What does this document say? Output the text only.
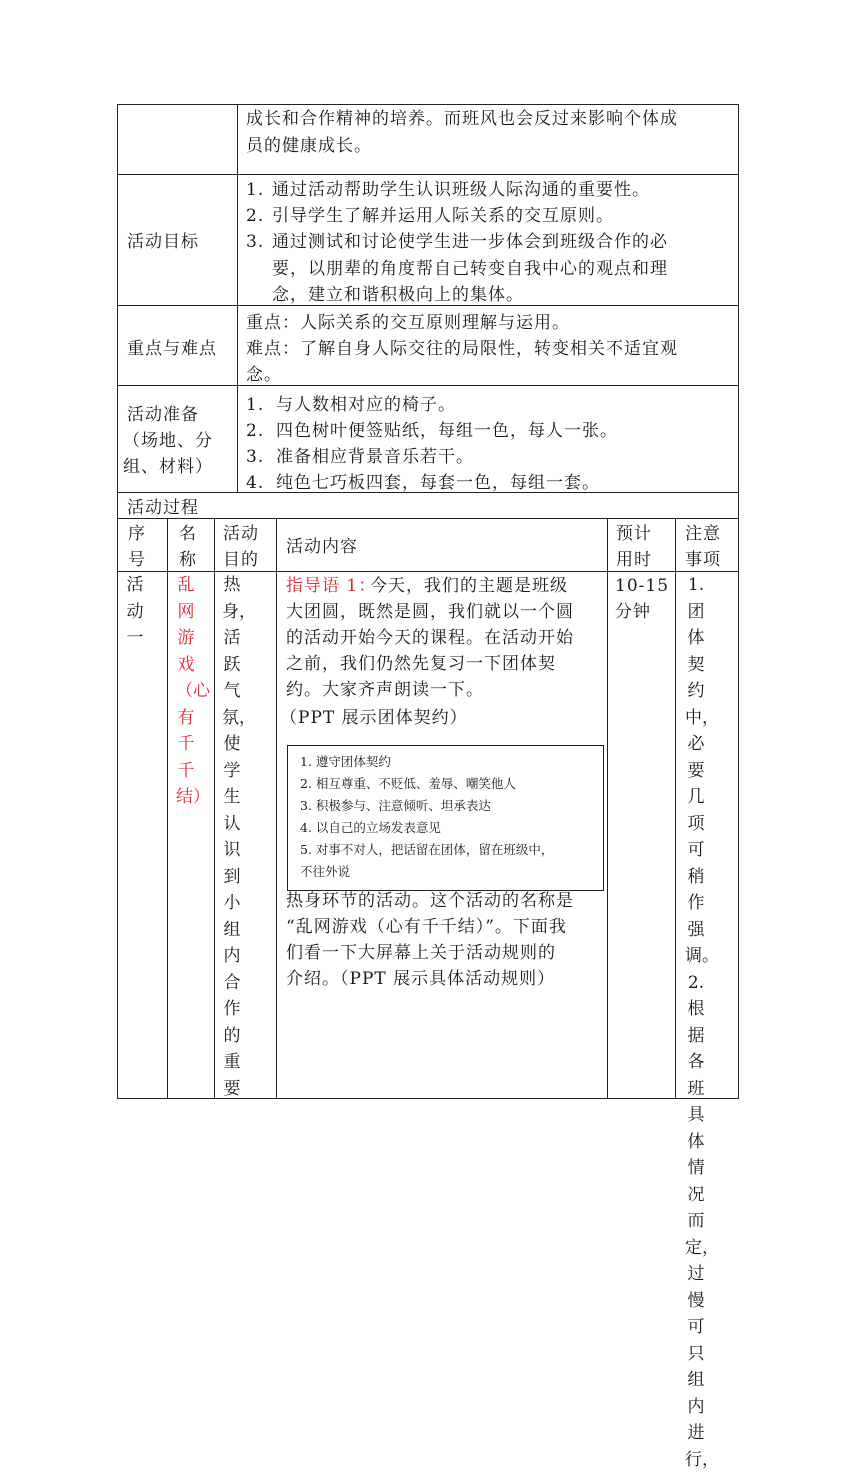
成长和合作精神的培养。而班风也会反过来影响个体成
员的健康成长。
活动目标
1. 通过活动帮助学生认识班级人际沟通的重要性。
2. 引导学生了解并运用人际关系的交互原则。
3. 通过测试和讨论使学生进一步体会到班级合作的必
要，以朋辈的角度帮自己转变自我中心的观点和理
念，建立和谐积极向上的集体。
重点与难点
重点：人际关系的交互原则理解与运用。
难点：了解自身人际交往的局限性，转变相关不适宜观
念。
活动准备
（场地、分
组、材料）
1. 与人数相对应的椅子。
2. 四色树叶便签贴纸，每组一色，每人一张。
3. 准备相应背景音乐若干。
4. 纯色七巧板四套，每套一色，每组一套。
活动过程
序
号
名
称
活动
目的
活动内容
预计
用时
注意
事项
活动一
乱网游戏（心有千千结）
热身，活跃气氛，使学生认识到小组内合作的重要
1.团体契约中，必要几项可稍作强调。2.根据各班具体情况而定，过慢可只组内进行，
10-15
分钟
指导语 1：
今天，我们的主题是班级
大团圆，既然是圆，我们就以一个圆
的活动开始今天的课程。在活动开始
之前，我们仍然先复习一下团体契
约。大家齐声朗读一下。
（PPT 展示团体契约）
热身环节的活动。这个活动的名称是
“乱网游戏（心有千千结）”。下面我
们看一下大屏幕上关于活动规则的
介绍。（PPT 展示具体活动规则）
1. 遵守团体契约
2. 相互尊重、不贬低、羞辱、嘲笑他人
3. 积极参与、注意倾听、坦承表达
4. 以自己的立场发表意见
5. 对事不对人，把话留在团体，留在班级中，
不往外说
